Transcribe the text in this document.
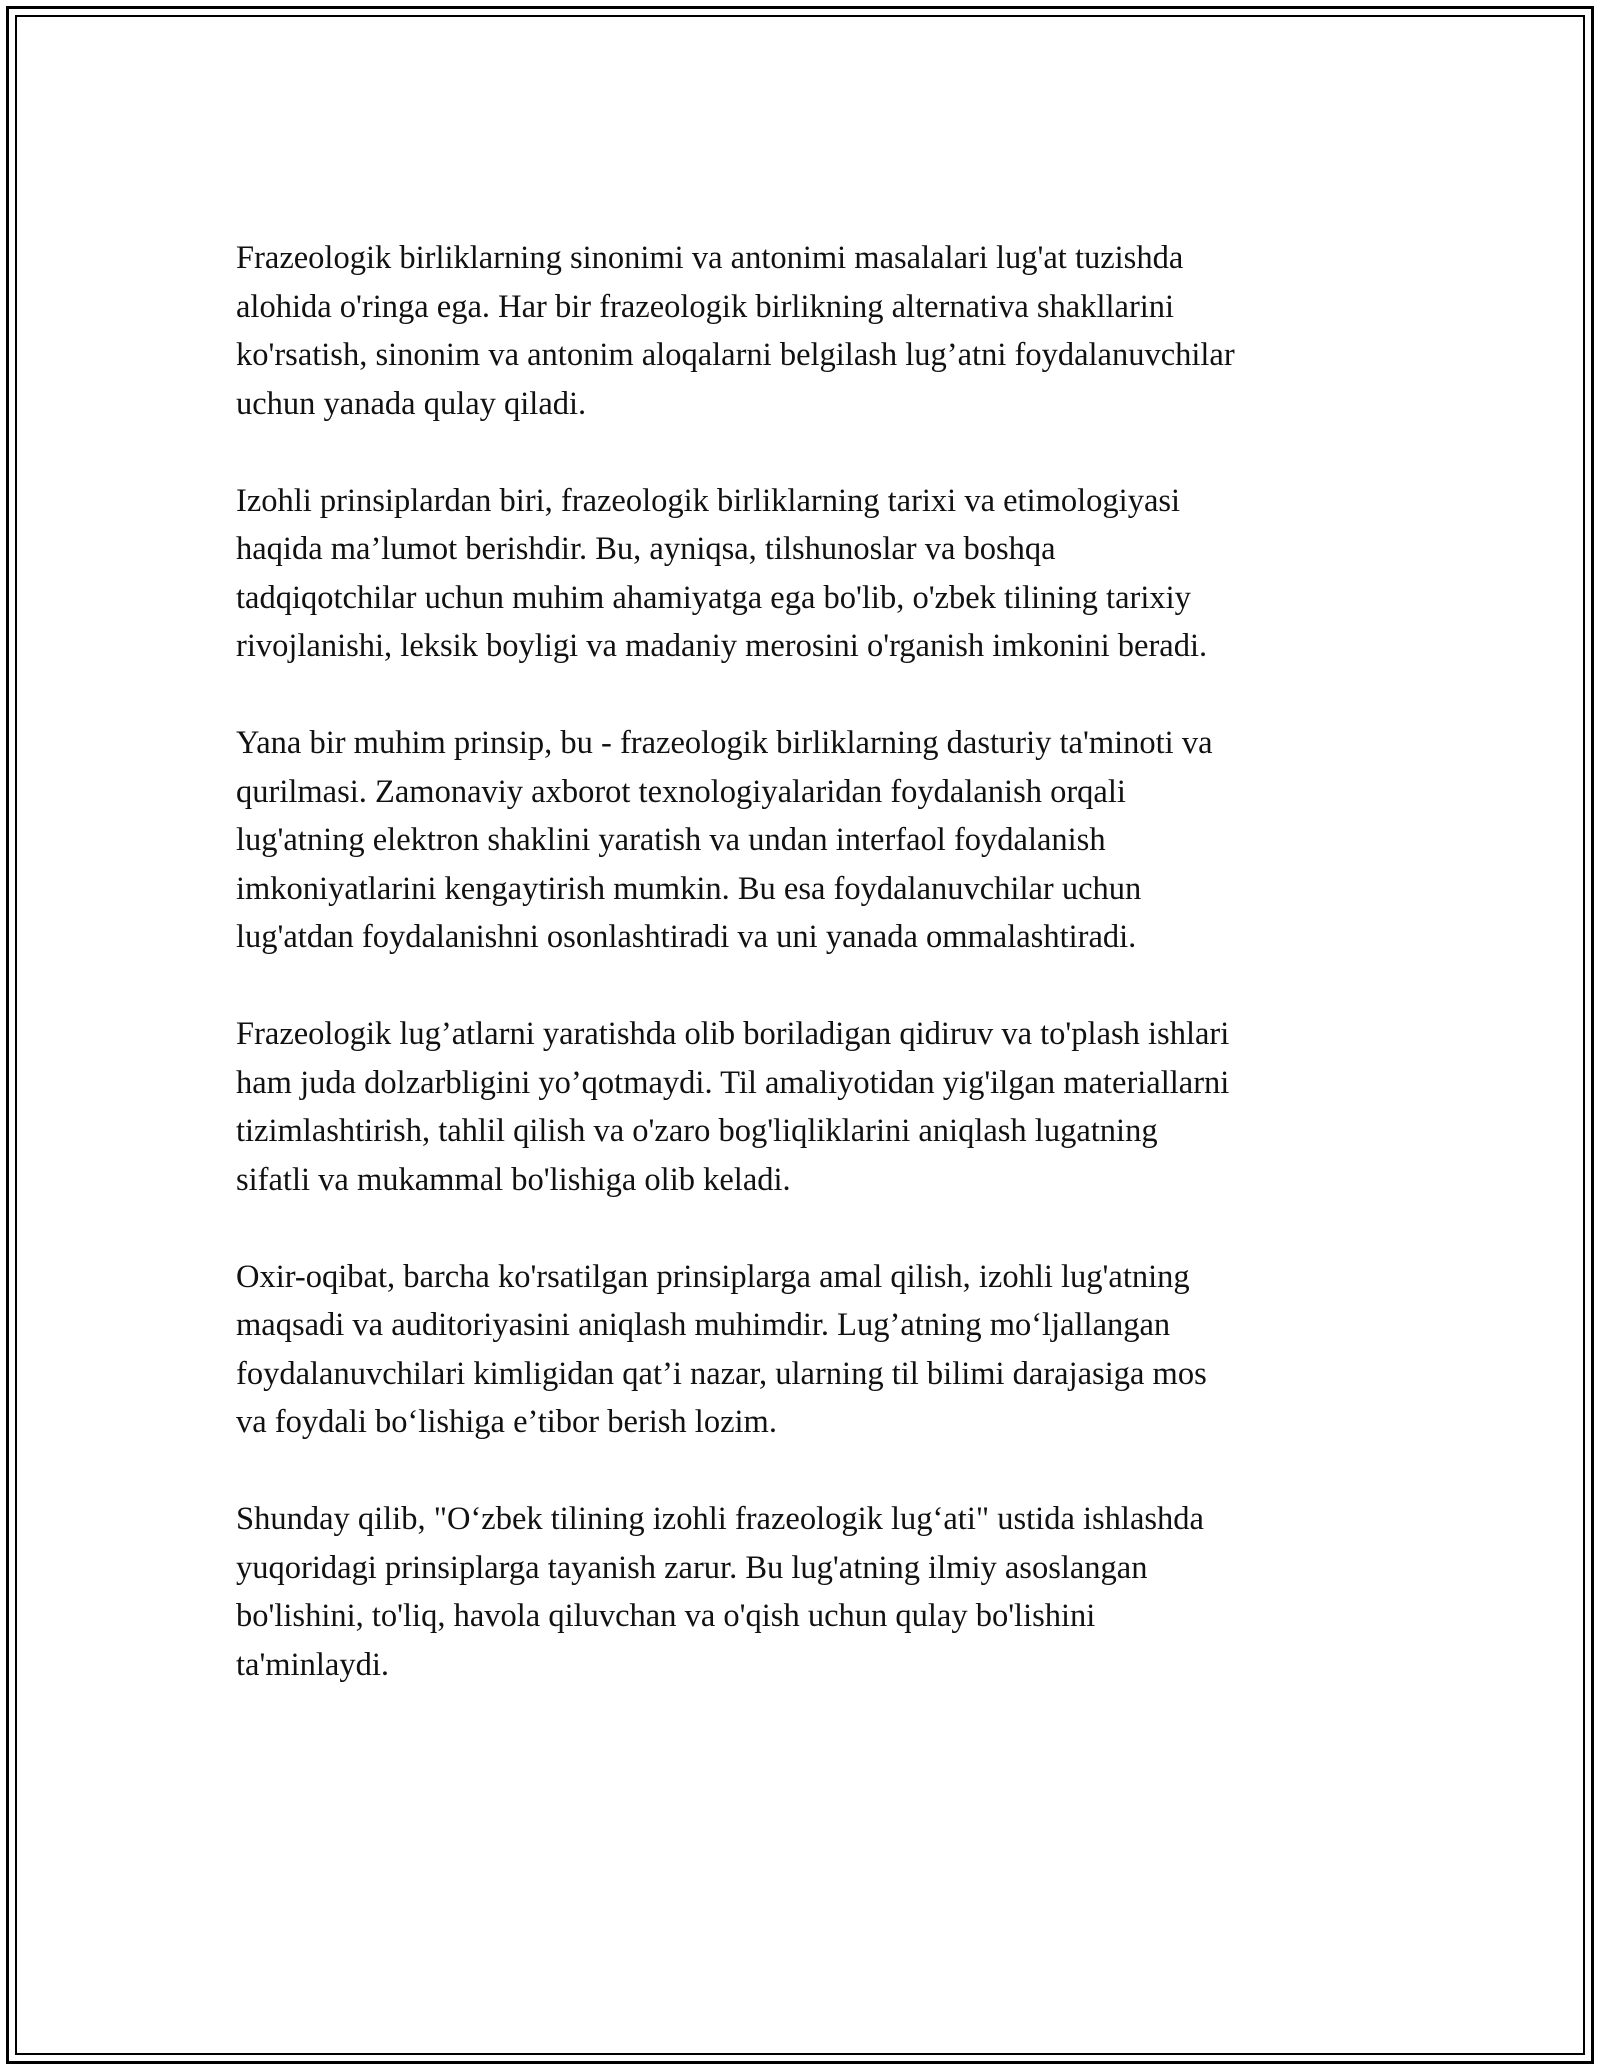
Frazeologik birliklarning sinonimi va antonimi masalalari lug'at tuzishda
alohida o'ringa ega. Har bir frazeologik birlikning alternativa shakllarini
ko'rsatish, sinonim va antonim aloqalarni belgilash lug’atni foydalanuvchilar
uchun yanada qulay qiladi.

Izohli prinsiplardan biri, frazeologik birliklarning tarixi va etimologiyasi
haqida ma’lumot berishdir. Bu, ayniqsa, tilshunoslar va boshqa
tadqiqotchilar uchun muhim ahamiyatga ega bo'lib, o'zbek tilining tarixiy
rivojlanishi, leksik boyligi va madaniy merosini o'rganish imkonini beradi.

Yana bir muhim prinsip, bu - frazeologik birliklarning dasturiy ta'minoti va
qurilmasi. Zamonaviy axborot texnologiyalaridan foydalanish orqali
lug'atning elektron shaklini yaratish va undan interfaol foydalanish
imkoniyatlarini kengaytirish mumkin. Bu esa foydalanuvchilar uchun
lug'atdan foydalanishni osonlashtiradi va uni yanada ommalashtiradi.

Frazeologik lug’atlarni yaratishda olib boriladigan qidiruv va to'plash ishlari
ham juda dolzarbligini yo’qotmaydi. Til amaliyotidan yig'ilgan materiallarni
tizimlashtirish, tahlil qilish va o'zaro bog'liqliklarini aniqlash lugatning
sifatli va mukammal bo'lishiga olib keladi.

Oxir-oqibat, barcha ko'rsatilgan prinsiplarga amal qilish, izohli lug'atning
maqsadi va auditoriyasini aniqlash muhimdir. Lug’atning mo‘ljallangan
foydalanuvchilari kimligidan qat’i nazar, ularning til bilimi darajasiga mos
va foydali bo‘lishiga e’tibor berish lozim.

Shunday qilib, "O‘zbek tilining izohli frazeologik lug‘ati" ustida ishlashda
yuqoridagi prinsiplarga tayanish zarur. Bu lug'atning ilmiy asoslangan
bo'lishini, to'liq, havola qiluvchan va o'qish uchun qulay bo'lishini
ta'minlaydi.
